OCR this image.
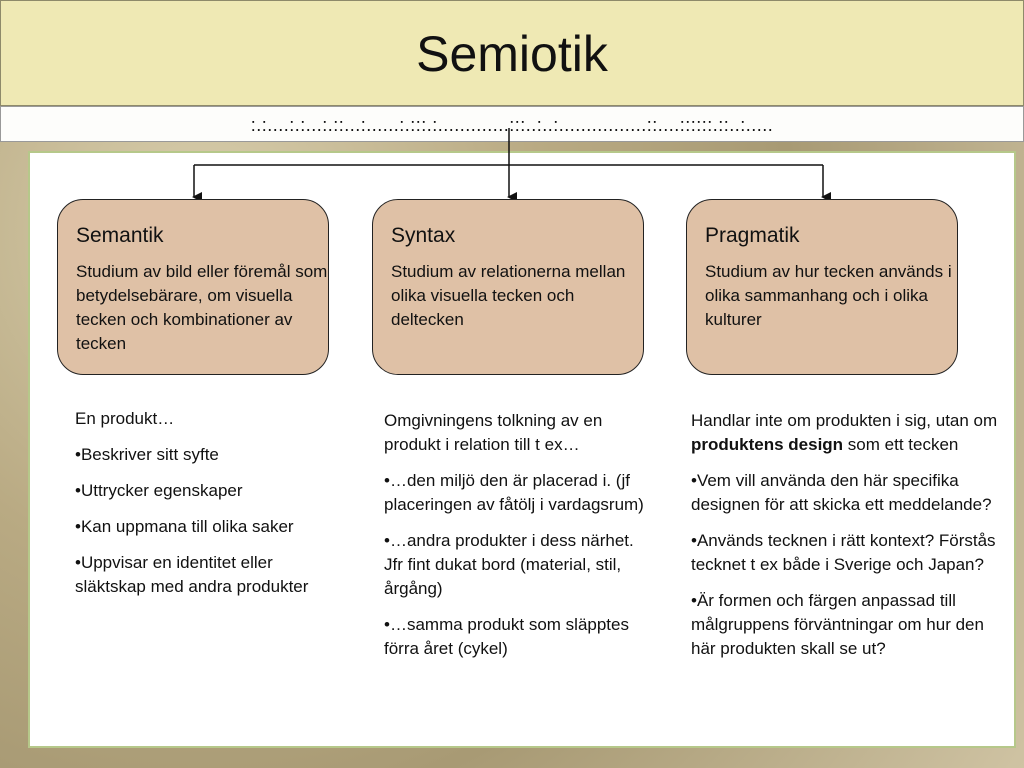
Semiotik
:.:....:.:...:.::...:......:.:::.:.............:::..:..:................::....::::::.::..:.....
Semantik

Studium av bild eller föremål som betydelsebärare, om visuella tecken och kombinationer av tecken

Syntax

Studium av relationerna mellan olika visuella tecken och deltecken

Pragmatik

Studium av hur tecken används i olika sammanhang och i olika kulturer

En produkt…

•Beskriver sitt syfte

•Uttrycker egenskaper

•Kan uppmana till olika saker

•Uppvisar en identitet eller släktskap med andra produkter

Omgivningens tolkning av en produkt i relation till t ex…

•…den miljö den är placerad i. (jf placeringen av fåtölj i vardagsrum)

•…andra produkter i dess närhet. Jfr fint dukat bord (material, stil, årgång)

•…samma produkt som släpptes förra året (cykel)

Handlar inte om produkten i sig, utan om produktens design som ett tecken

•Vem vill använda den här specifika designen för att skicka ett meddelande?

•Används tecknen i rätt kontext? Förstås tecknet t ex både i Sverige och Japan?

•Är formen och färgen anpassad till målgruppens förväntningar om hur den här produkten skall se ut?
